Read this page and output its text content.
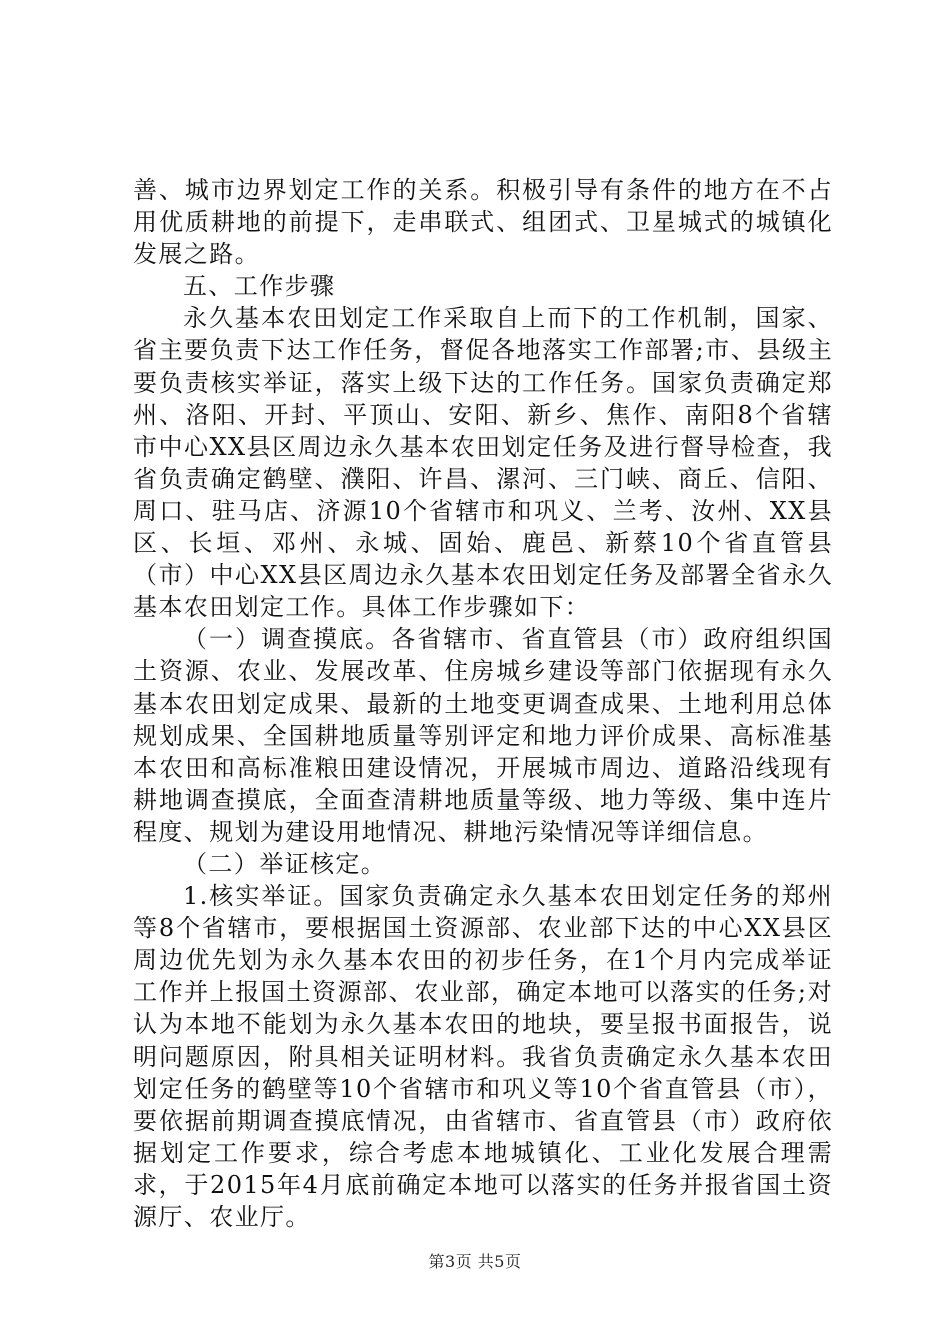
善、城市边界划定工作的关系。积极引导有条件的地方在不占用优质耕地的前提下，走串联式、组团式、卫星城式的城镇化发展之路。

五、工作步骤

永久基本农田划定工作采取自上而下的工作机制，国家、省主要负责下达工作任务，督促各地落实工作部署;市、县级主要负责核实举证，落实上级下达的工作任务。国家负责确定郑州、洛阳、开封、平顶山、安阳、新乡、焦作、南阳8个省辖市中心XX县区周边永久基本农田划定任务及进行督导检查，我省负责确定鹤壁、濮阳、许昌、漯河、三门峡、商丘、信阳、周口、驻马店、济源10个省辖市和巩义、兰考、汝州、XX县区、长垣、邓州、永城、固始、鹿邑、新蔡10个省直管县（市）中心XX县区周边永久基本农田划定任务及部署全省永久基本农田划定工作。具体工作步骤如下：

（一）调查摸底。各省辖市、省直管县（市）政府组织国土资源、农业、发展改革、住房城乡建设等部门依据现有永久基本农田划定成果、最新的土地变更调查成果、土地利用总体规划成果、全国耕地质量等别评定和地力评价成果、高标准基本农田和高标准粮田建设情况，开展城市周边、道路沿线现有耕地调查摸底，全面查清耕地质量等级、地力等级、集中连片程度、规划为建设用地情况、耕地污染情况等详细信息。

（二）举证核定。

1.核实举证。国家负责确定永久基本农田划定任务的郑州等8个省辖市，要根据国土资源部、农业部下达的中心XX县区周边优先划为永久基本农田的初步任务，在1个月内完成举证工作并上报国土资源部、农业部，确定本地可以落实的任务;对认为本地不能划为永久基本农田的地块，要呈报书面报告，说明问题原因，附具相关证明材料。我省负责确定永久基本农田划定任务的鹤壁等10个省辖市和巩义等10个省直管县（市），要依据前期调查摸底情况，由省辖市、省直管县（市）政府依据划定工作要求，综合考虑本地城镇化、工业化发展合理需求，于2015年4月底前确定本地可以落实的任务并报省国土资源厅、农业厅。

第3页 共5页
